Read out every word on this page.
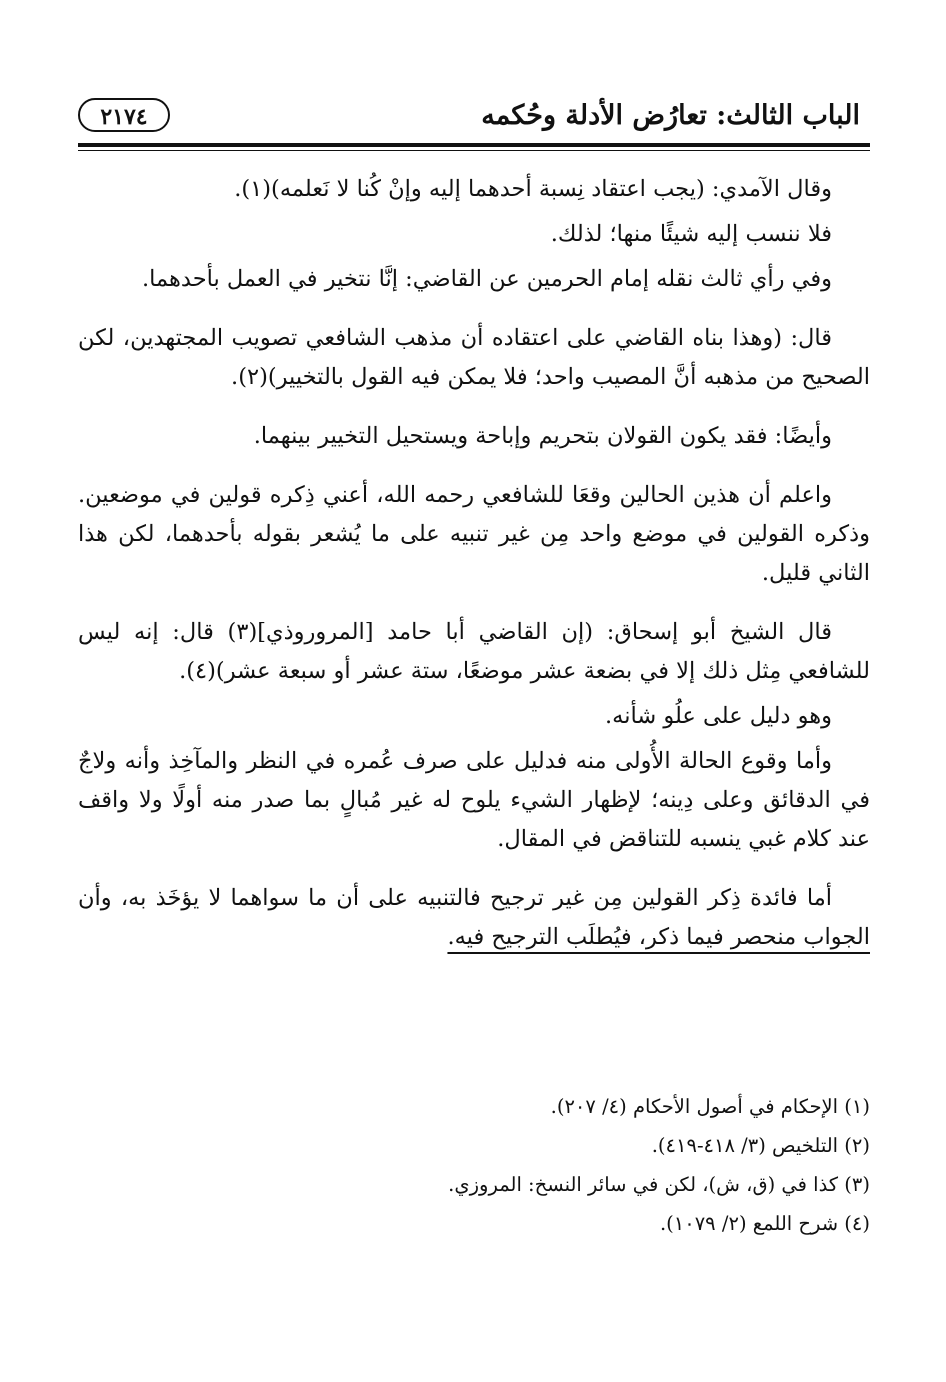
الباب الثالث: تعارُض الأدلة وحُكمه
٢١٧٤

وقال الآمدي: (يجب اعتقاد نِسبة أحدهما إليه وإنْ كُنا لا نَعلمه)(١).

فلا ننسب إليه شيئًا منها؛ لذلك.

وفي رأي ثالث نقله إمام الحرمين عن القاضي: إنَّا نتخير في العمل بأحدهما.

قال: (وهذا بناه القاضي على اعتقاده أن مذهب الشافعي تصويب المجتهدين، لكن الصحيح من مذهبه أنَّ المصيب واحد؛ فلا يمكن فيه القول بالتخيير)(٢).

وأيضًا: فقد يكون القولان بتحريم وإباحة ويستحيل التخيير بينهما.

واعلم أن هذين الحالين وقعَا للشافعي رحمه الله، أعني ذِكره قولين في موضعين. وذكره القولين في موضع واحد مِن غير تنبيه على ما يُشعر بقوله بأحدهما، لكن هذا الثاني قليل.

قال الشيخ أبو إسحاق: (إن القاضي أبا حامد [المروروذي](٣) قال: إنه ليس للشافعي مِثل ذلك إلا في بضعة عشر موضعًا، ستة عشر أو سبعة عشر)(٤).

وهو دليل على علُو شأنه.

وأما وقوع الحالة الأُولى منه فدليل على صرف عُمره في النظر والمآخِذ وأنه ولاجٌ في الدقائق وعلى دِينه؛ لإظهار الشيء يلوح له غير مُبالٍ بما صدر منه أولًا ولا واقف عند كلام غبي ينسبه للتناقض في المقال.

أما فائدة ذِكر القولين مِن غير ترجيح فالتنبيه على أن ما سواهما لا يؤخَذ به، وأن الجواب منحصر فيما ذكر، فيُطلَب الترجيح فيه.

(١) الإحكام في أصول الأحكام (٤/ ٢٠٧).
(٢) التلخيص (٣/ ٤١٨-٤١٩).
(٣) كذا في (ق، ش)، لكن في سائر النسخ: المروزي.
(٤) شرح اللمع (٢/ ١٠٧٩).
